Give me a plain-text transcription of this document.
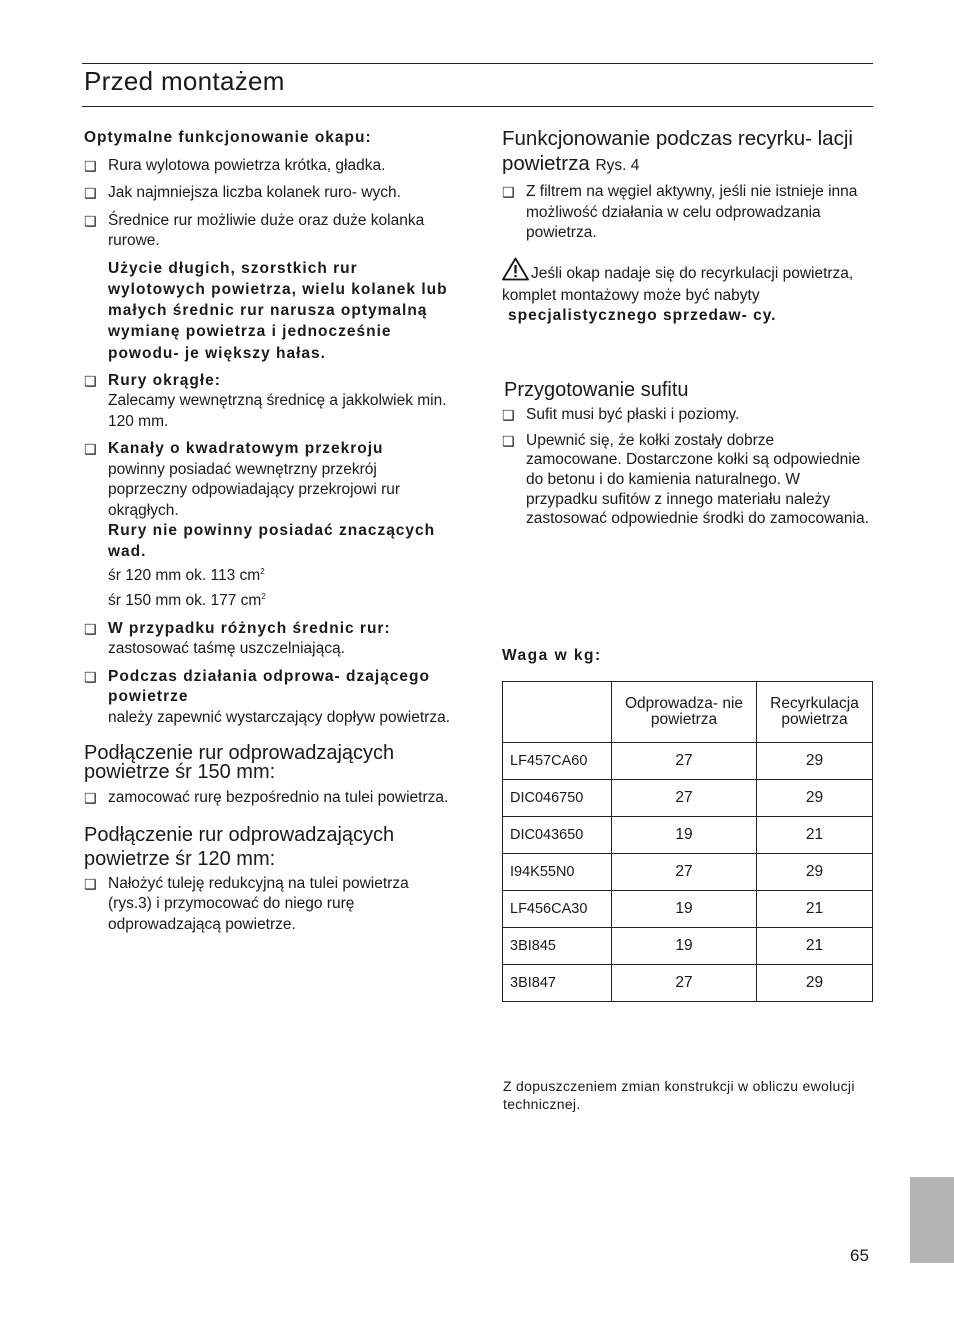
Przed montażem
Optymalne funkcjonowanie okapu:
❑ Rura wylotowa powietrza krótka, gładka.
❑ Jak najmniejsza liczba kolanek ruro- wych.
❑ Średnice rur możliwie duże oraz duże kolanka rurowe.
Użycie długich, szorstkich rur wylotowych powietrza, wielu kolanek lub małych średnic rur narusza optymalną wymianę powietrza i jednocześnie powodu- je większy hałas.
❑ Rury okrągłe:
Zalecamy wewnętrzną średnicę a jakkolwiek min. 120 mm.
❑ Kanały o kwadratowym przekroju
powinny posiadać wewnętrzny przekrój poprzeczny odpowiadający przekrojowi rur okrągłych.
Rury nie powinny posiadać znaczących wad.
śr 120 mm ok. 113 $cm^2$
śr 150 mm ok. 177 $cm^2$
❑ W przypadku różnych średnic rur:
zastosować taśmę uszczelniającą.
❑ Podczas działania odprowa- dzającego powietrze
należy zapewnić wystarczający dopływ powietrza.
Podłączenie rur odprowadzających powietrze śr 150 mm:
❑ zamocować rurę bezpośrednio na tulei powietrza.
Podłączenie rur odprowadzających powietrze śr 120 mm:
❑ Nałożyć tuleję redukcyjną na tulei powietrza (rys.3) i przymocować do niego rurę odprowadzającą powietrze.
Funkcjonowanie podczas recyrku- lacji powietrza Rys. 4
❑ Z filtrem na węgiel aktywny, jeśli nie istnieje inna możliwość działania w celu odprowadzania powietrza.
Jeśli okap nadaje się do recyrkulacji powietrza, komplet montażowy może być nabyty specjalistycznego sprzedaw- cy.
Przygotowanie sufitu
❑ Sufit musi być płaski i poziomy.
❑ Upewnić się, że kołki zostały dobrze zamocowane. Dostarczone kołki są odpowiednie do betonu i do kamienia naturalnego. W przypadku sufitów z innego materiału należy zastosować odpowiednie środki do zamocowania.
Waga w kg:
	Odprowadza- nie powietrza	Recyrkulacja powietrza
LF457CA60	27	29
DIC046750	27	29
DIC043650	19	21
I94K55N0	27	29
LF456CA30	19	21
3BI845	19	21
3BI847	27	29
Z dopuszczeniem zmian konstrukcji w obliczu ewolucji technicznej.
65
